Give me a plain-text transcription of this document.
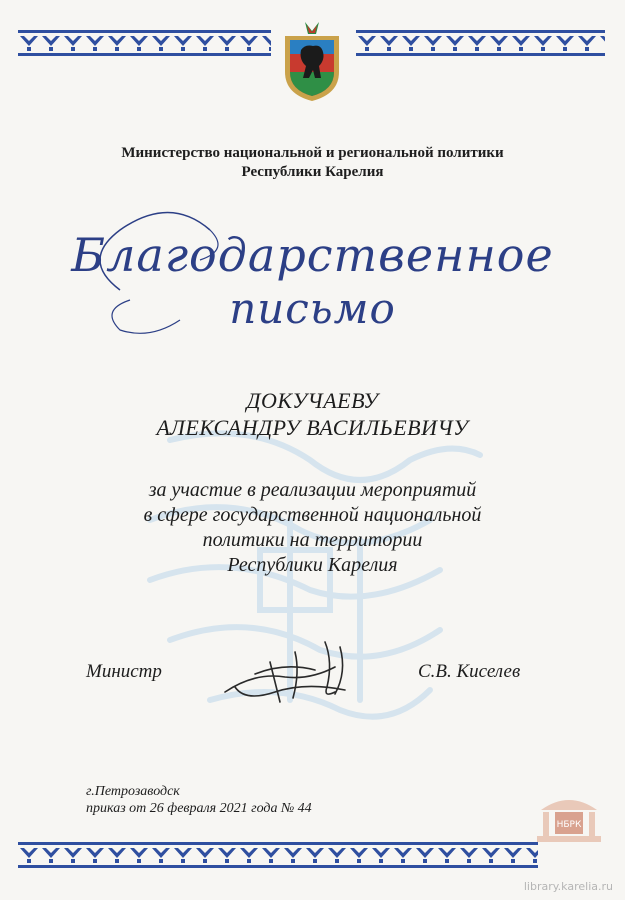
Министерство национальной и региональной политики
Республики Карелия
Благодарственное
письмо
ДОКУЧАЕВУ
АЛЕКСАНДРУ ВАСИЛЬЕВИЧУ
за участие в реализации мероприятий
в сфере государственной национальной
политики на территории
Республики Карелия
Министр	С.В. Киселев
г.Петрозаводск
приказ от 26 февраля 2021 года № 44
НБРК
library.karelia.ru
